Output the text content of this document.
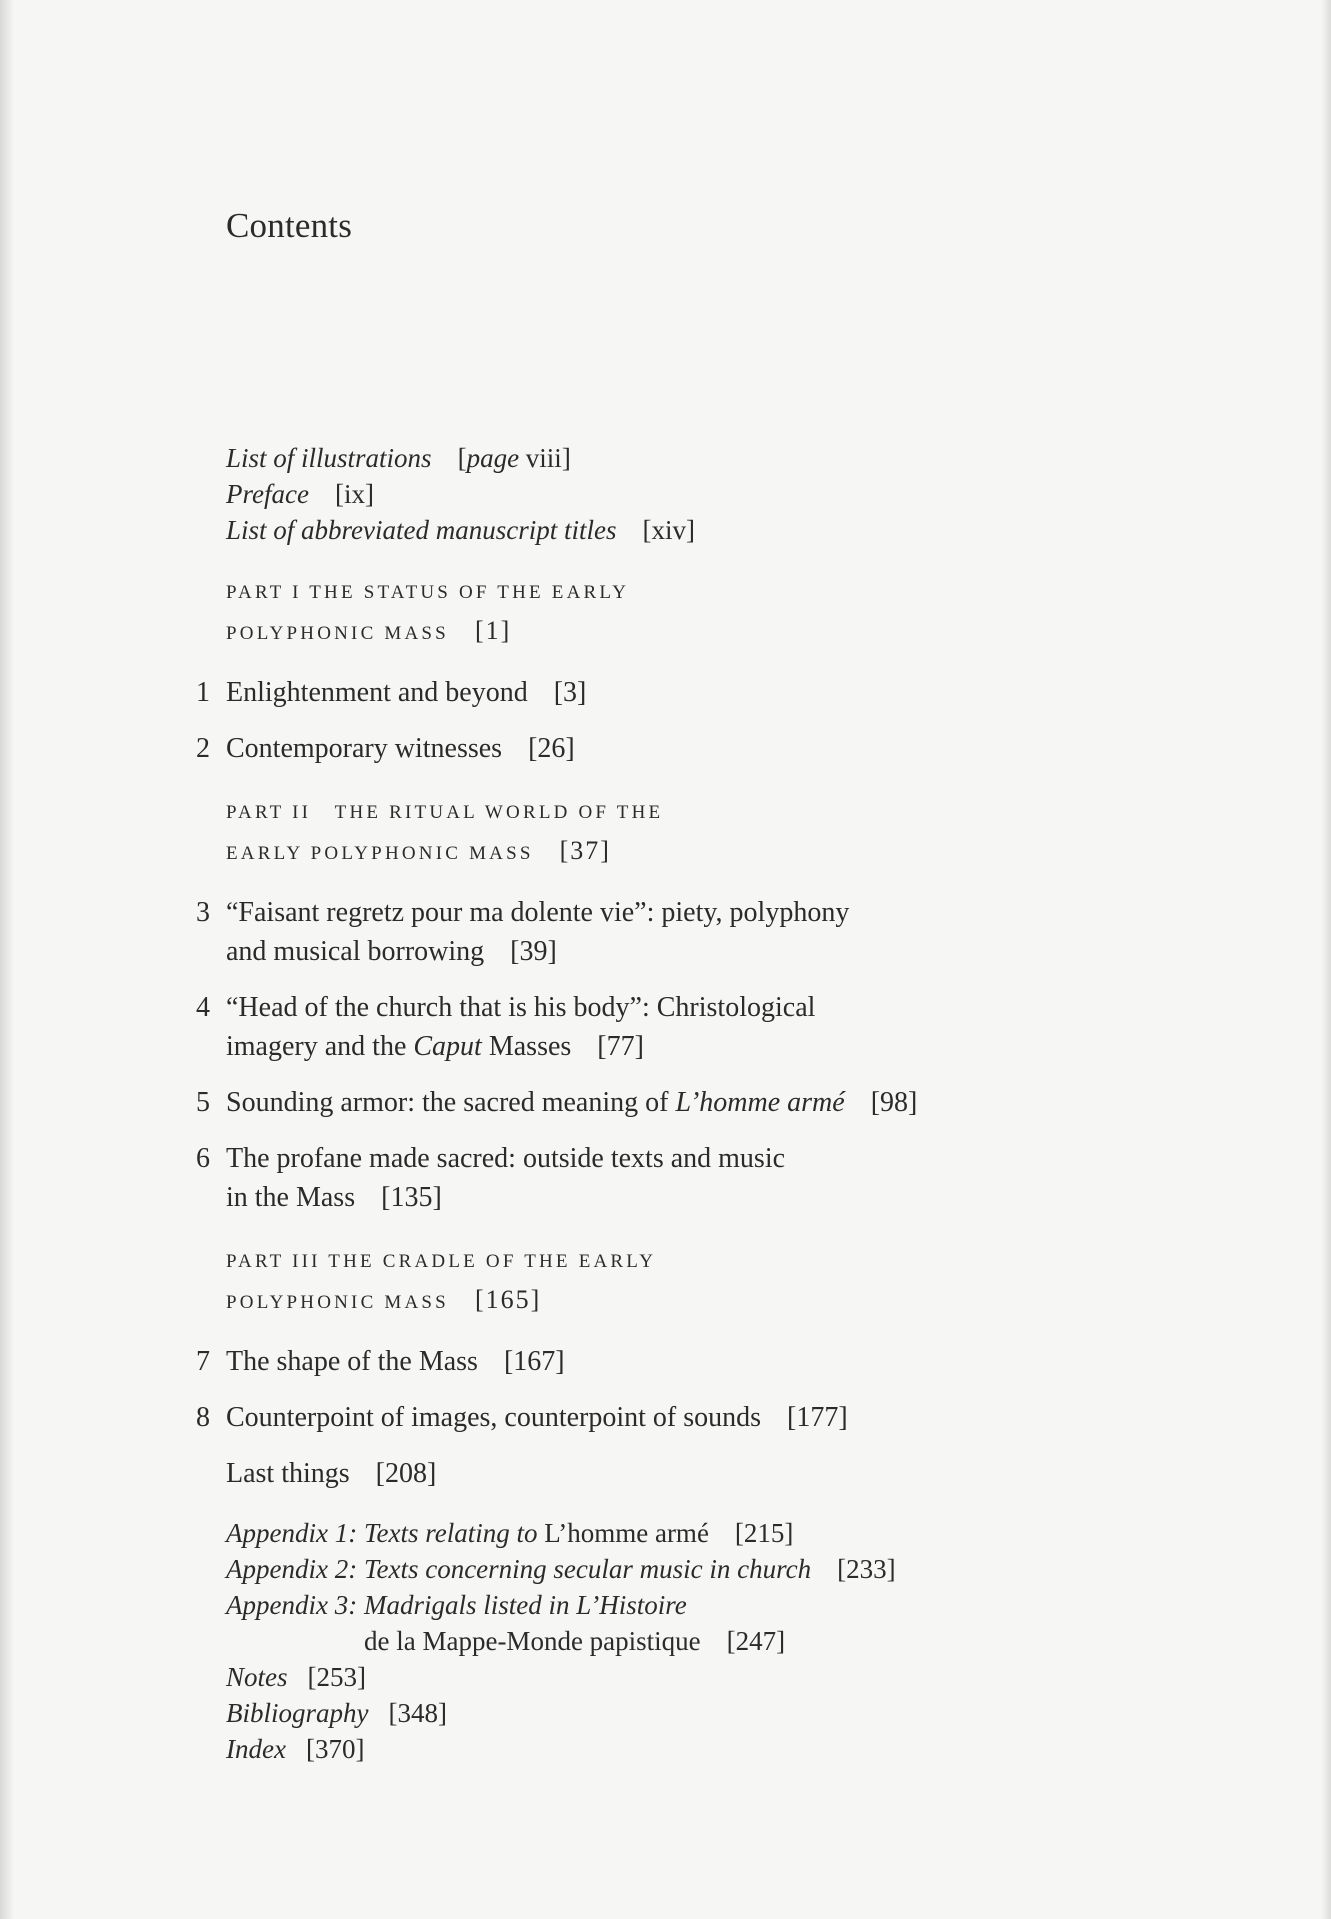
Contents
List of illustrations [page viii]
Preface [ix]
List of abbreviated manuscript titles [xiv]
PART I THE STATUS OF THE EARLY
POLYPHONIC MASS [1]
1 Enlightenment and beyond [3]
2 Contemporary witnesses [26]
PART II   THE RITUAL WORLD OF THE
EARLY POLYPHONIC MASS [37]
3 “Faisant regretz pour ma dolente vie”: piety, polyphony
and musical borrowing [39]
4 “Head of the church that is his body”: Christological
imagery and the Caput Masses [77]
5 Sounding armor: the sacred meaning of L’homme armé [98]
6 The profane made sacred: outside texts and music
in the Mass [135]
PART III THE CRADLE OF THE EARLY
POLYPHONIC MASS [165]
7 The shape of the Mass [167]
8 Counterpoint of images, counterpoint of sounds [177]
Last things [208]
Appendix 1: Texts relating to L’homme armé [215]
Appendix 2: Texts concerning secular music in church [233]
Appendix 3: Madrigals listed in L’Histoire
de la Mappe-Monde papistique [247]
Notes [253]
Bibliography [348]
Index [370]
